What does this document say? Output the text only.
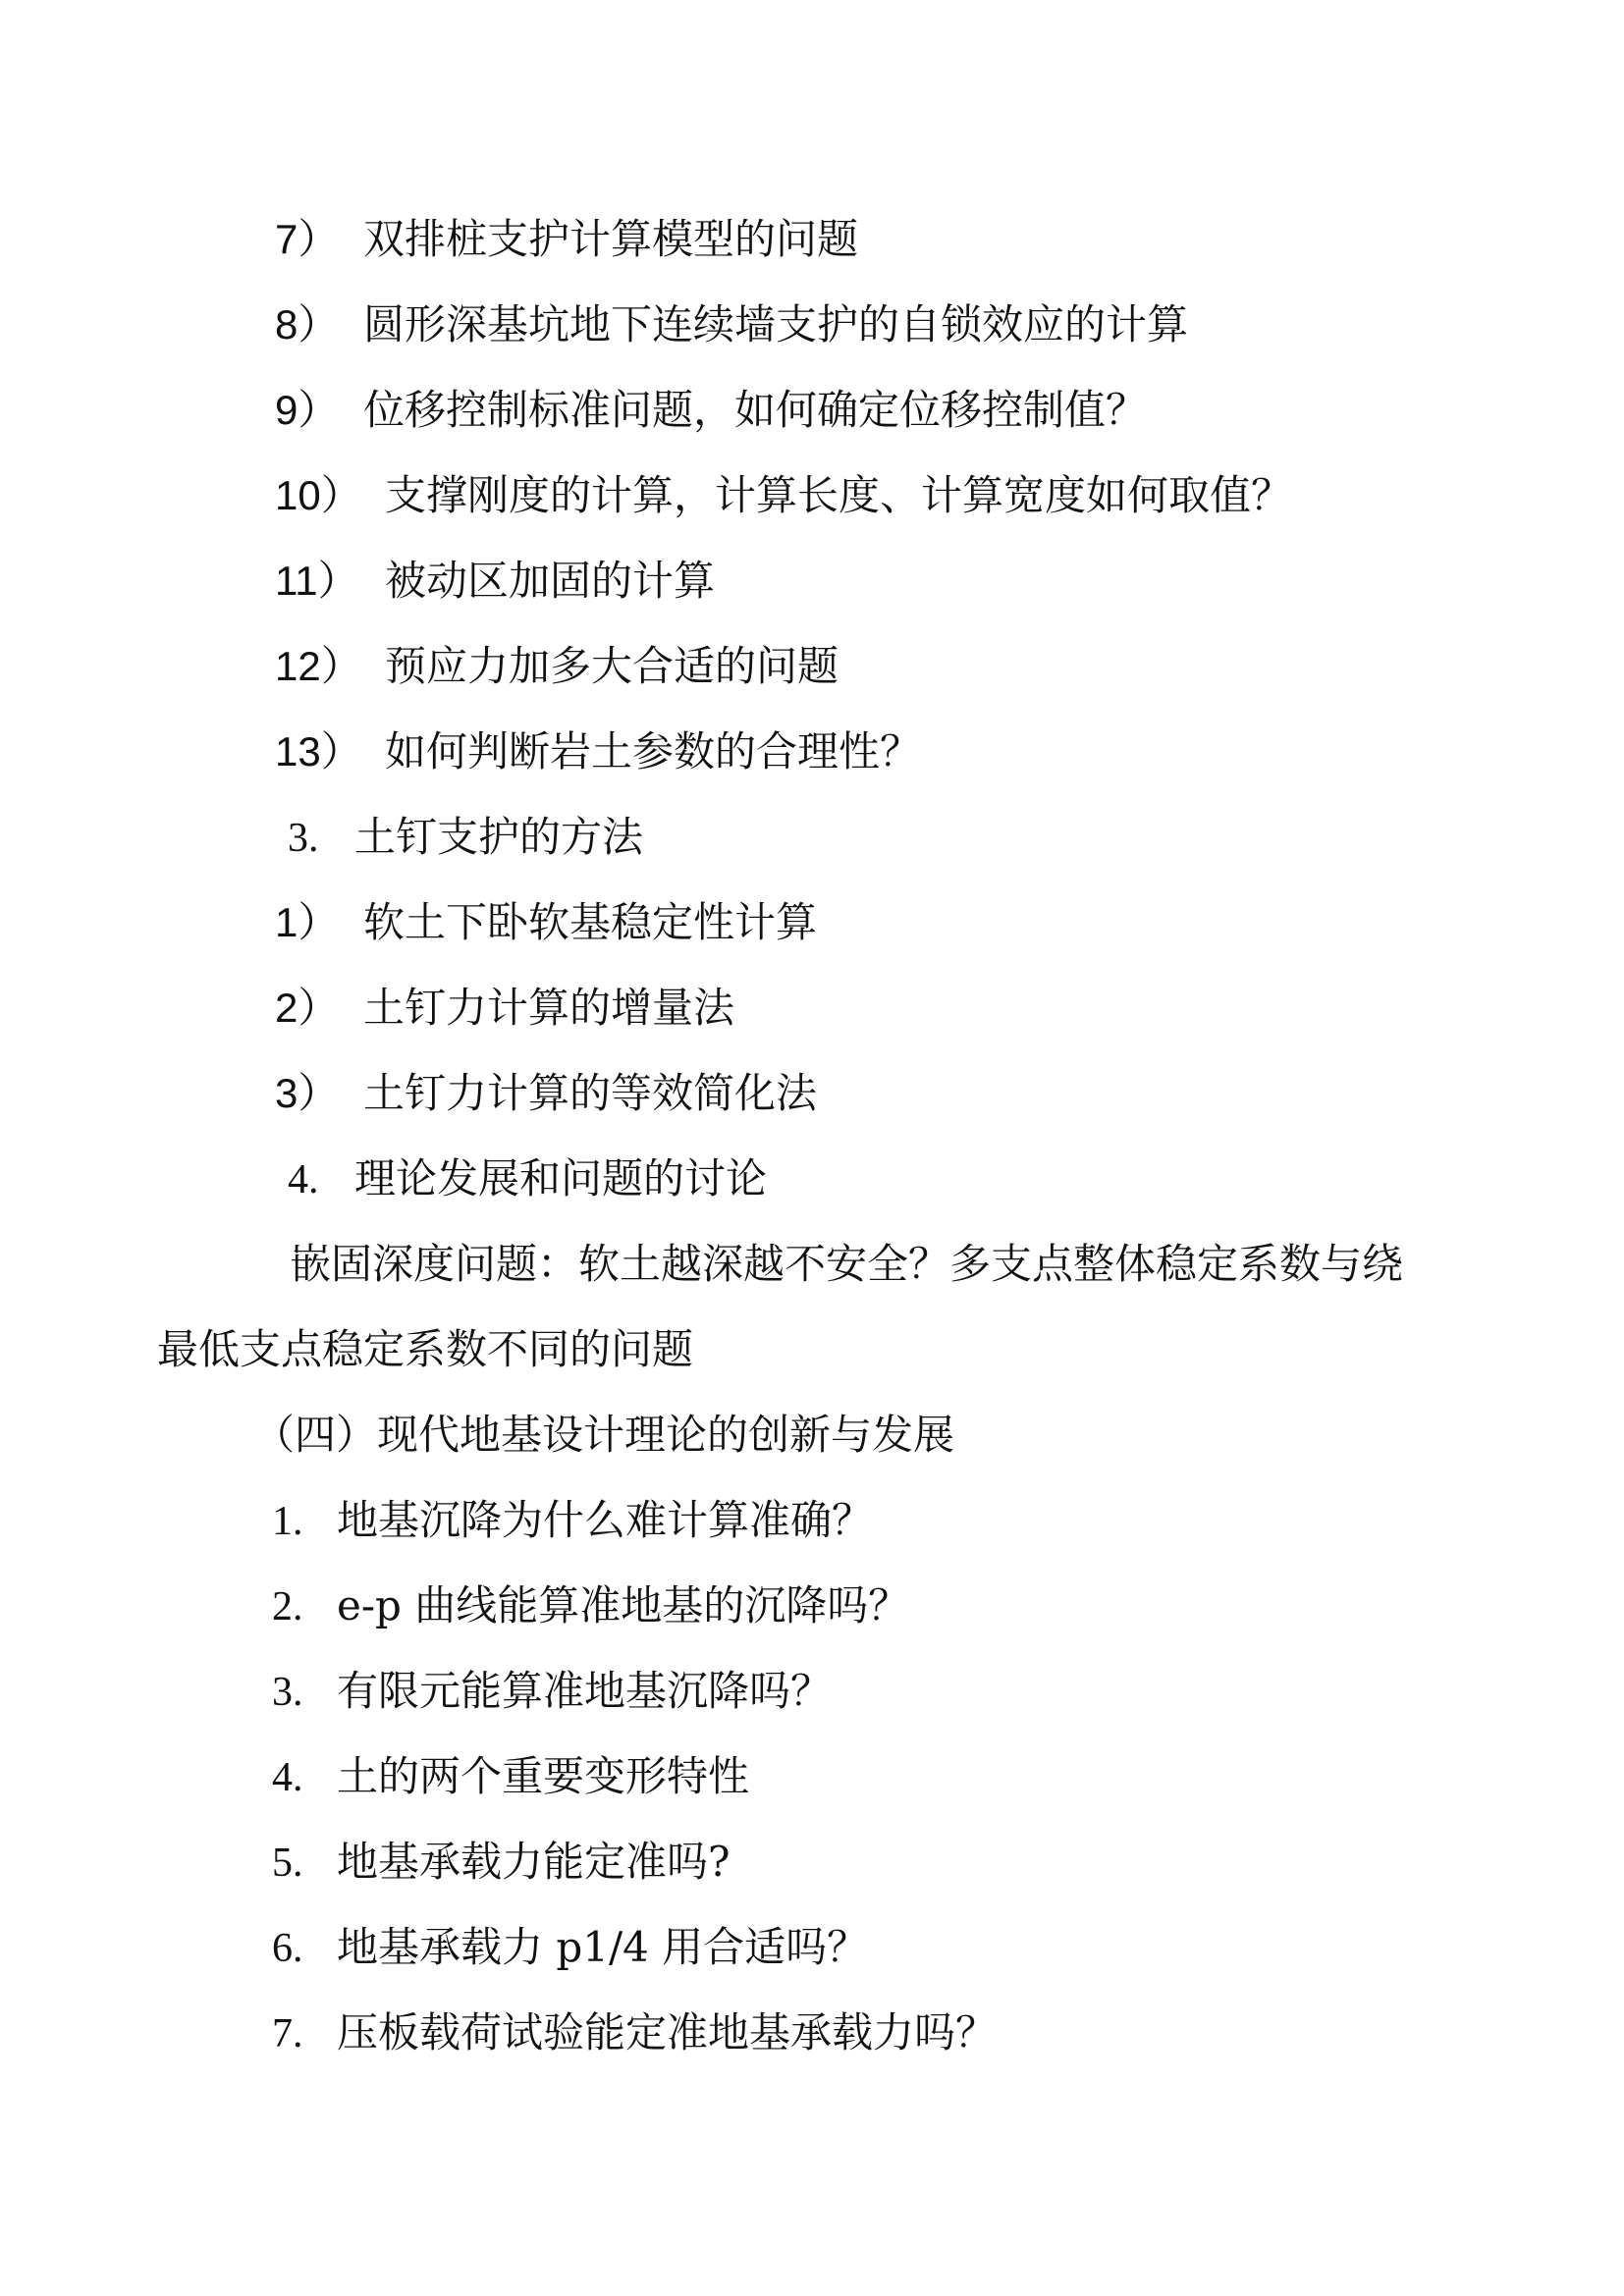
7） 双排桩支护计算模型的问题
8） 圆形深基坑地下连续墙支护的自锁效应的计算
9） 位移控制标准问题，如何确定位移控制值？
10） 支撑刚度的计算，计算长度、计算宽度如何取值？
11） 被动区加固的计算
12） 预应力加多大合适的问题
13） 如何判断岩土参数的合理性？
3. 土钉支护的方法
1） 软土下卧软基稳定性计算
2） 土钉力计算的增量法
3） 土钉力计算的等效简化法
4. 理论发展和问题的讨论
嵌固深度问题：软土越深越不安全？多支点整体稳定系数与绕
最低支点稳定系数不同的问题
（四）现代地基设计理论的创新与发展
1. 地基沉降为什么难计算准确？
2. e-p 曲线能算准地基的沉降吗？
3. 有限元能算准地基沉降吗？
4. 土的两个重要变形特性
5. 地基承载力能定准吗?
6. 地基承载力 p1/4 用合适吗？
7. 压板载荷试验能定准地基承载力吗？
